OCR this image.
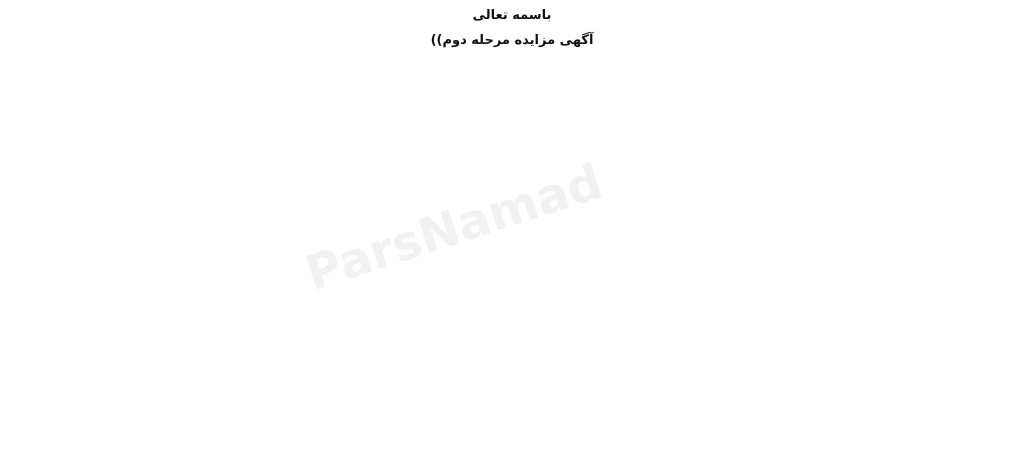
باسمه تعالی

آگهی مزایده مرحله دوم))

ParsNamad
